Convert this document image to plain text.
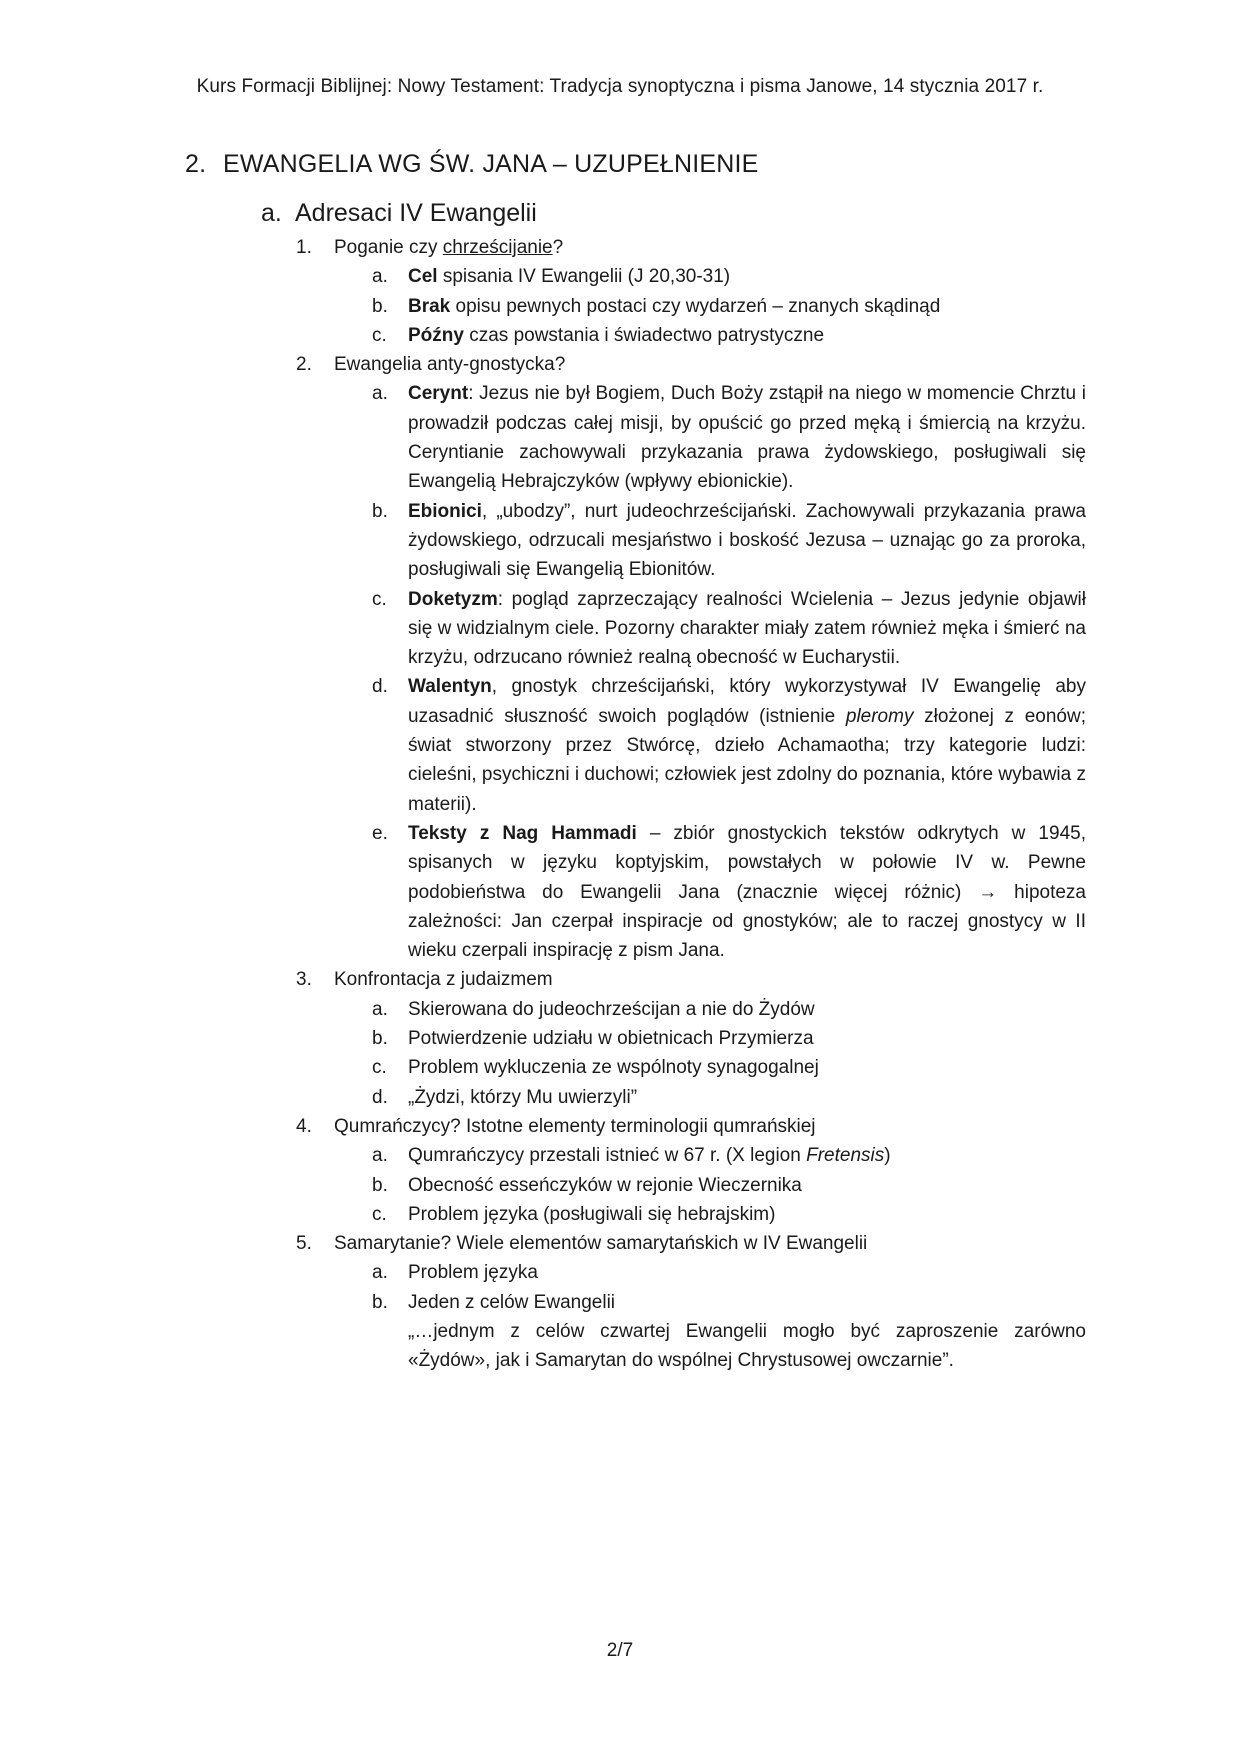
Kurs Formacji Biblijnej: Nowy Testament: Tradycja synoptyczna i pisma Janowe, 14 stycznia 2017 r.
2. EWANGELIA WG ŚW. JANA – UZUPEŁNIENIE
a. Adresaci IV Ewangelii
1. Poganie czy chrześcijanie?
a. Cel spisania IV Ewangelii (J 20,30-31)
b. Brak opisu pewnych postaci czy wydarzeń – znanych skądinąd
c. Późny czas powstania i świadectwo patrystyczne
2. Ewangelia anty-gnostycka?
a. Cerynt: Jezus nie był Bogiem, Duch Boży zstąpił na niego w momencie Chrztu i prowadził podczas całej misji, by opuścić go przed męką i śmiercią na krzyżu. Ceryntianie zachowywali przykazania prawa żydowskiego, posługiwali się Ewangelią Hebrajczyków (wpływy ebionickie).
b. Ebionici, „ubodzy”, nurt judeochrześcijański. Zachowywali przykazania prawa żydowskiego, odrzucali mesjaństwo i boskość Jezusa – uznając go za proroka, posługiwali się Ewangelią Ebionitów.
c. Doketyzm: pogląd zaprzeczający realności Wcielenia – Jezus jedynie objawił się w widzialnym ciele. Pozorny charakter miały zatem również męka i śmierć na krzyżu, odrzucano również realną obecność w Eucharystii.
d. Walentyn, gnostyk chrześcijański, który wykorzystywał IV Ewangelię aby uzasadnić słuszność swoich poglądów (istnienie pleromy złożonej z eonów; świat stworzony przez Stwórcę, dzieło Achamaotha; trzy kategorie ludzi: cieleśni, psychiczni i duchowi; człowiek jest zdolny do poznania, które wybawia z materii).
e. Teksty z Nag Hammadi – zbiór gnostyckich tekstów odkrytych w 1945, spisanych w języku koptyjskim, powstałych w połowie IV w. Pewne podobieństwa do Ewangelii Jana (znacznie więcej różnic) → hipoteza zależności: Jan czerpał inspiracje od gnostyków; ale to raczej gnostycy w II wieku czerpali inspirację z pism Jana.
3. Konfrontacja z judaizmem
a. Skierowana do judeochrześcijan a nie do Żydów
b. Potwierdzenie udziału w obietnicach Przymierza
c. Problem wykluczenia ze wspólnoty synagogalnej
d. „Żydzi, którzy Mu uwierzyli”
4. Qumrańczycy? Istotne elementy terminologii qumrańskiej
a. Qumrańczycy przestali istnieć w 67 r. (X legion Fretensis)
b. Obecność esseńczyków w rejonie Wieczernika
c. Problem języka (posługiwali się hebrajskim)
5. Samarytanie? Wiele elementów samarytańskich w IV Ewangelii
a. Problem języka
b. Jeden z celów Ewangelii
„…jednym z celów czwartej Ewangelii mogło być zaproszenie zarówno «Żydów», jak i Samarytan do wspólnej Chrystusowej owczarnie”.
2/7
